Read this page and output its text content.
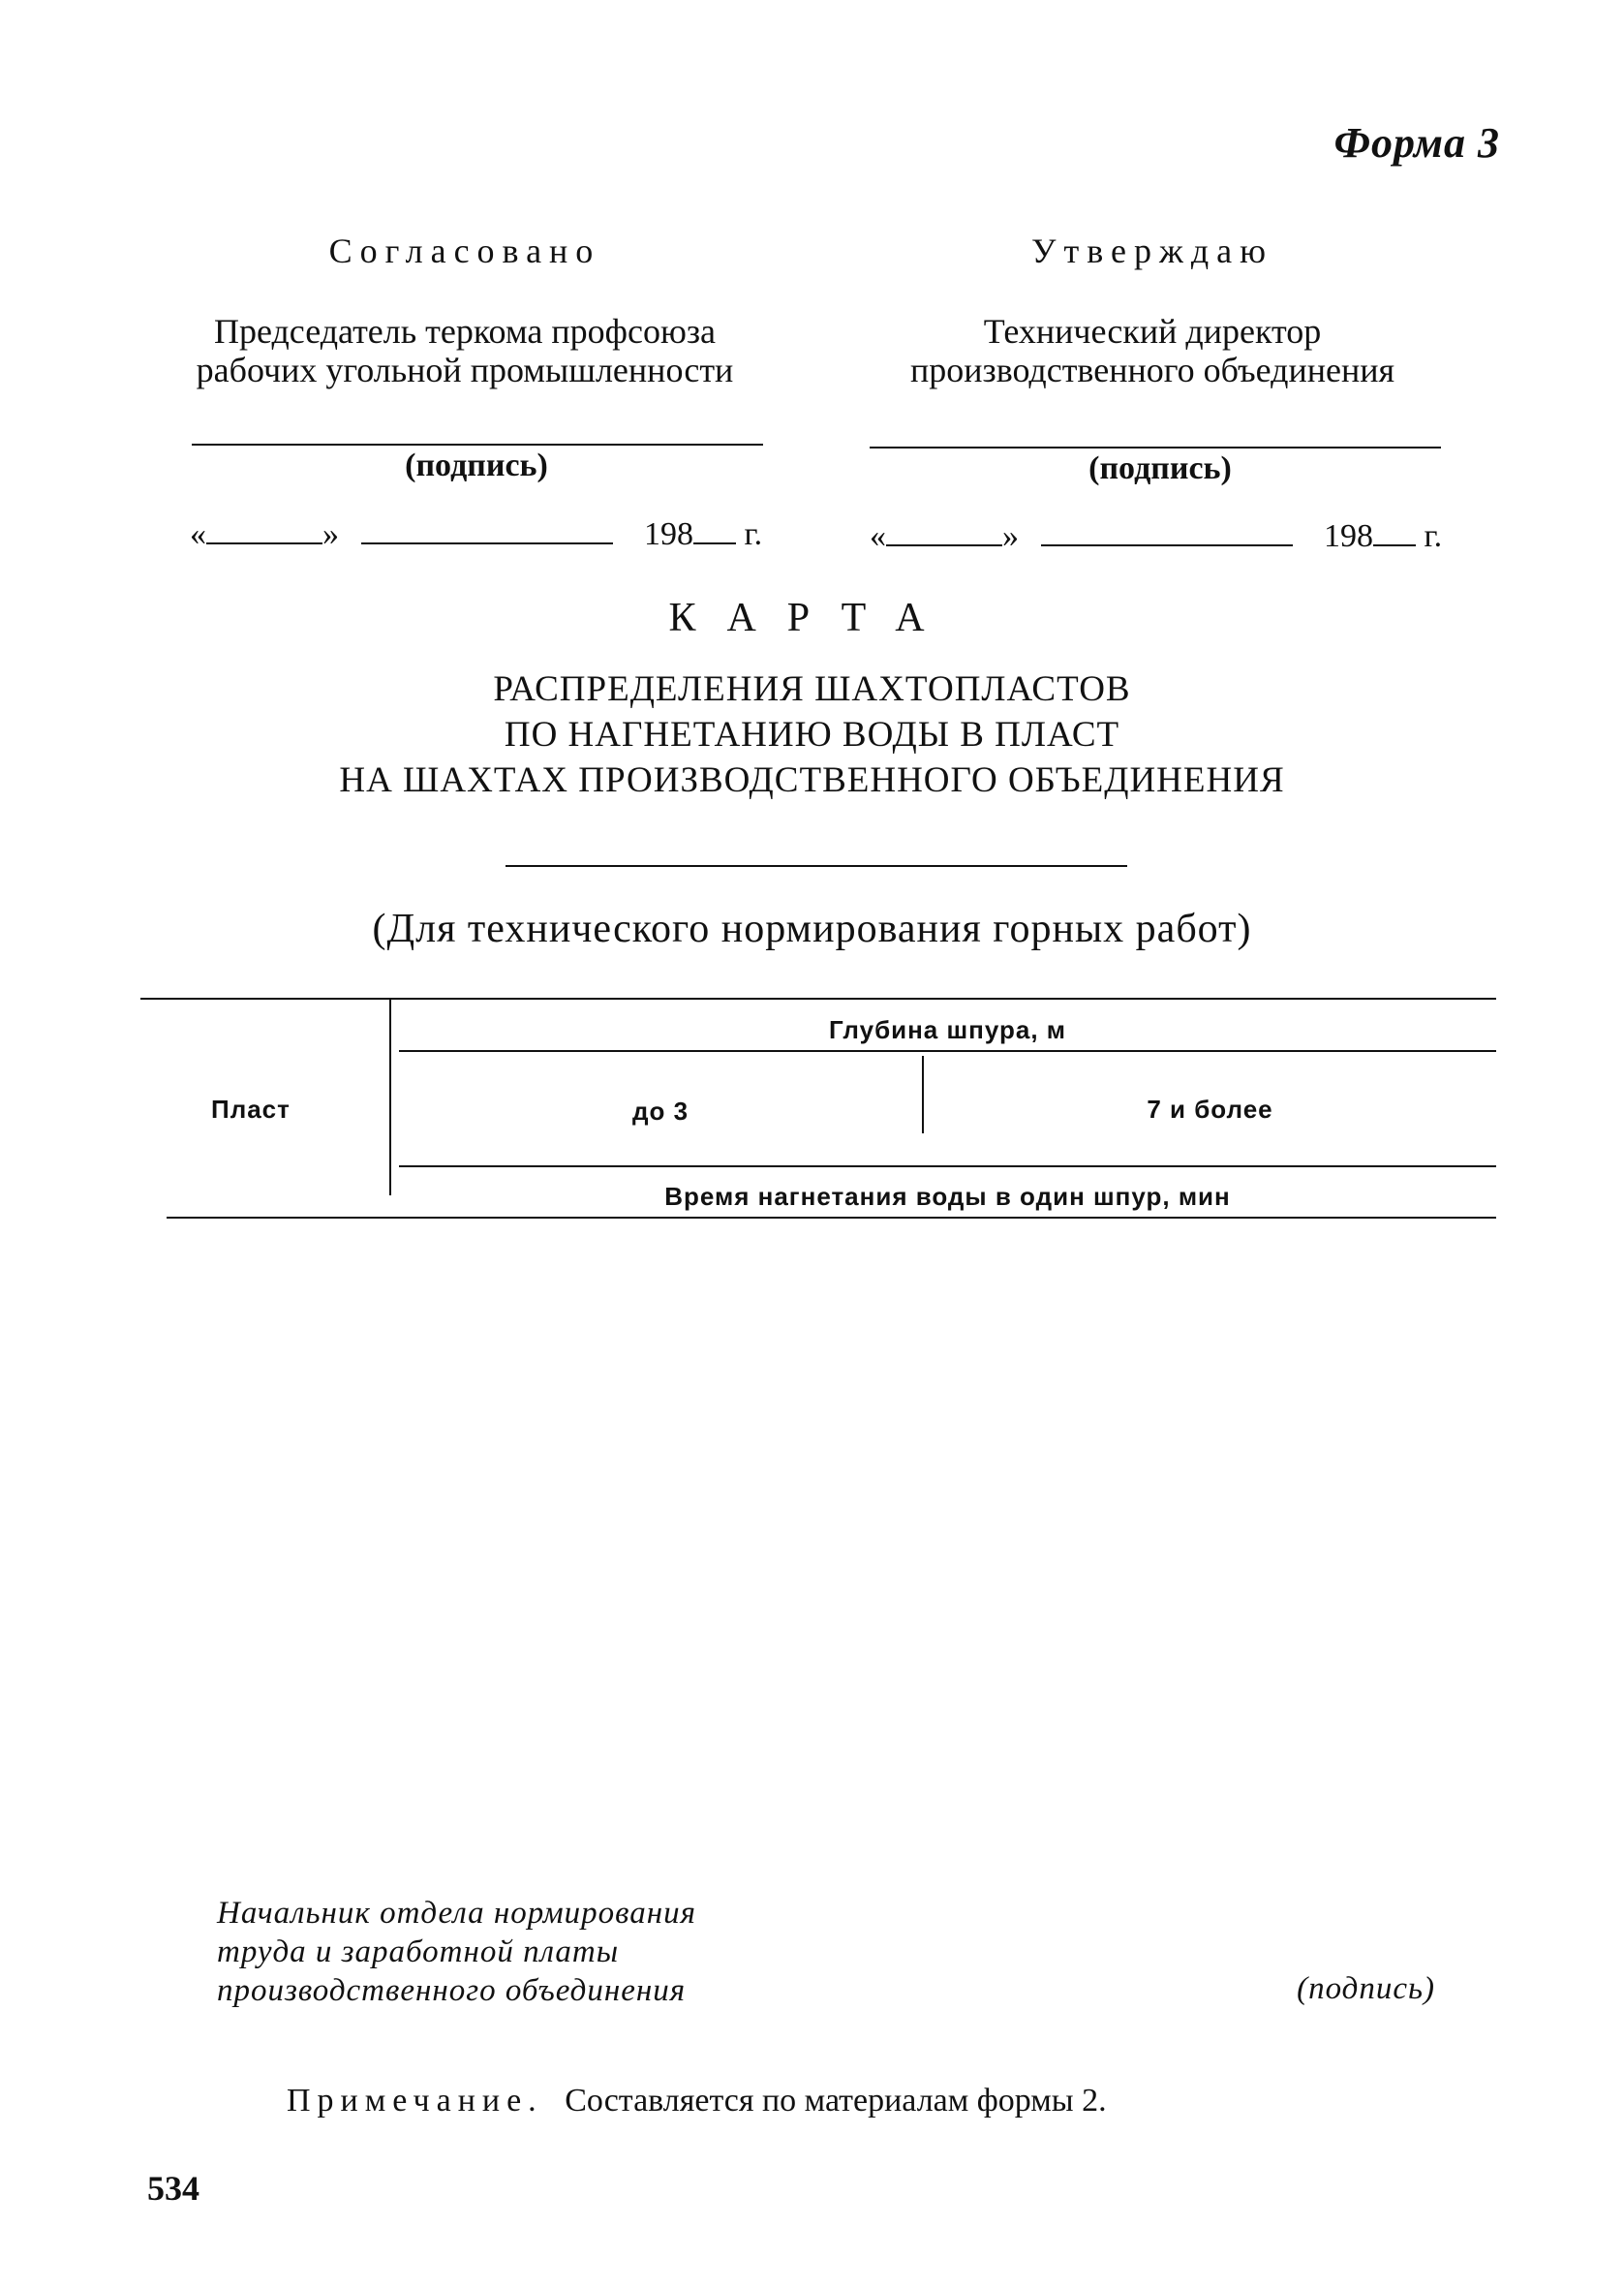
Форма 3
Согласовано
Председатель теркома профсоюза
рабочих угольной промышленности
Утверждаю
Технический директор
производственного объединения
(подпись)	(подпись)
«	»	198 г.	«	»	198 г.
КАРТА
РАСПРЕДЕЛЕНИЯ ШАХТОПЛАСТОВ
ПО НАГНЕТАНИЮ ВОДЫ В ПЛАСТ
НА ШАХТАХ ПРОИЗВОДСТВЕННОГО ОБЪЕДИНЕНИЯ
(Для технического нормирования горных работ)
Пласт
Глубина шпура, м
до 3	7 и более
Время нагнетания воды в один шпур, мин
Начальник отдела нормирования
труда и заработной платы
производственного объединения	(подпись)
Примечание. Составляется по материалам формы 2.
534
